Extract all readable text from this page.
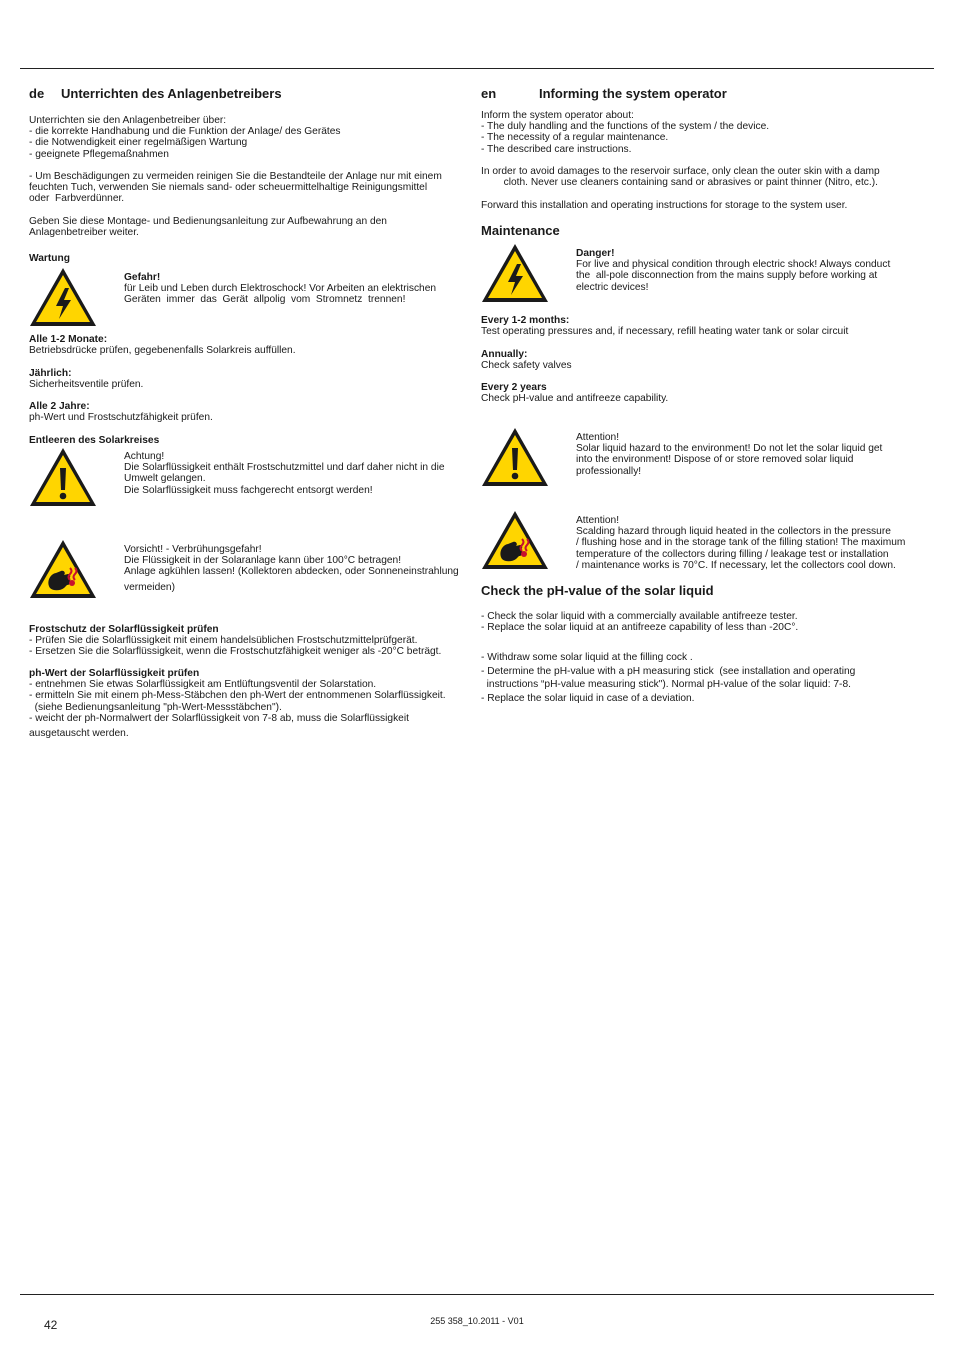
de Unterrichten des Anlagenbetreibers
Unterrichten sie den Anlagenbetreiber über:
- die korrekte Handhabung und die Funktion der Anlage/ des Gerätes
- die Notwendigkeit einer regelmäßigen Wartung
- geeignete Pflegemaßnahmen
- Um Beschädigungen zu vermeiden reinigen Sie die Bestandteile der Anlage nur mit einem
feuchten Tuch, verwenden Sie niemals sand- oder scheuermittelhaltige Reinigungsmittel
oder  Farbverdünner.
Geben Sie diese Montage- und Bedienungsanleitung zur Aufbewahrung an den
Anlagenbetreiber weiter.
Wartung
Gefahr!
für Leib und Leben durch Elektroschock! Vor Arbeiten an elektrischen
Geräten  immer  das  Gerät  allpolig  vom  Stromnetz  trennen!
Alle 1-2 Monate:
Betriebsdrücke prüfen, gegebenenfalls Solarkreis auffüllen.
Jährlich:
Sicherheitsventile prüfen.
Alle 2 Jahre:
ph-Wert und Frostschutzfähigkeit prüfen.
Entleeren des Solarkreises
Achtung!
Die Solarflüssigkeit enthält Frostschutzmittel und darf daher nicht in die
Umwelt gelangen.
Die Solarflüssigkeit muss fachgerecht entsorgt werden!
Vorsicht! - Verbrühungsgefahr!
Die Flüssigkeit in der Solaranlage kann über 100°C betragen!
Anlage agkühlen lassen! (Kollektoren abdecken, oder Sonneneinstrahlung
vermeiden)
Frostschutz der Solarflüssigkeit prüfen
- Prüfen Sie die Solarflüssigkeit mit einem handelsüblichen Frostschutzmittelprüfgerät.
- Ersetzen Sie die Solarflüssigkeit, wenn die Frostschutzfähigkeit weniger als -20°C beträgt.
ph-Wert der Solarflüssigkeit prüfen
- entnehmen Sie etwas Solarflüssigkeit am Entlüftungsventil der Solarstation.
- ermitteln Sie mit einem ph-Mess-Stäbchen den ph-Wert der entnommenen Solarflüssigkeit.
(siehe Bedienungsanleitung "ph-Wert-Messstäbchen").
- weicht der ph-Normalwert der Solarflüssigkeit von 7-8 ab, muss die Solarflüssigkeit
ausgetauscht werden.
en	Informing the system operator
Inform the system operator about:
- The duly handling and the functions of the system / the device.
- The necessity of a regular maintenance.
- The described care instructions.
In order to avoid damages to the reservoir surface, only clean the outer skin with a damp
cloth. Never use cleaners containing sand or abrasives or paint thinner (Nitro, etc.).
Forward this installation and operating instructions for storage to the system user.
Maintenance
Danger!
For live and physical condition through electric shock! Always conduct
the  all-pole disconnection from the mains supply before working at
electric devices!
Every 1-2 months:
Test operating pressures and, if necessary, refill heating water tank or solar circuit
Annually:
Check safety valves
Every 2 years
Check pH-value and antifreeze capability.
Attention!
Solar liquid hazard to the environment! Do not let the solar liquid get
into the environment! Dispose of or store removed solar liquid
professionally!
Attention!
Scalding hazard through liquid heated in the collectors in the pressure
/ flushing hose and in the storage tank of the filling station! The maximum
temperature of the collectors during filling / leakage test or installation
/ maintenance works is 70°C. If necessary, let the collectors cool down.
Check the pH-value of the solar liquid
- Check the solar liquid with a commercially available antifreeze tester.
- Replace the solar liquid at an antifreeze capability of less than -20C°.
- Withdraw some solar liquid at the filling cock .
- Determine the pH-value with a pH measuring stick  (see installation and operating
instructions “pH-value measuring stick"). Normal pH-value of the solar liquid: 7-8.
- Replace the solar liquid in case of a deviation.
42	255 358_10.2011 - V01
